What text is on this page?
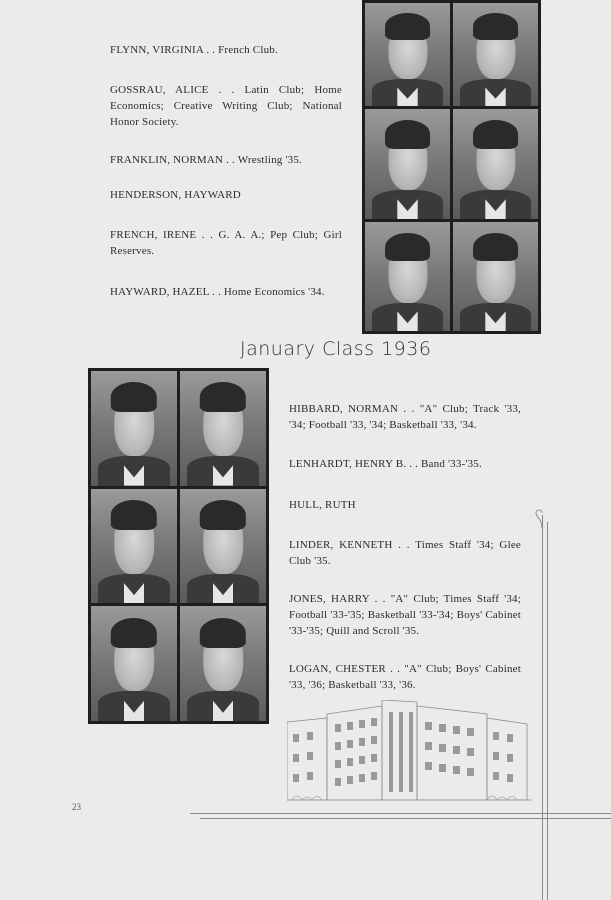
FLYNN, VIRGINIA . . French Club.
GOSSRAU, ALICE . . Latin Club; Home Economics; Creative Writing Club; National Honor Society.
FRANKLIN, NORMAN . . Wrestling '35.
HENDERSON, HAYWARD
FRENCH, IRENE . . G. A. A.; Pep Club; Girl Reserves.
HAYWARD, HAZEL . . Home Economics '34.
January Class 1936
HIBBARD, NORMAN . . "A" Club; Track '33, '34; Football '33, '34; Basketball '33, '34.
LENHARDT, HENRY B. . . Band '33-'35.
HULL, RUTH
LINDER, KENNETH . . Times Staff '34; Glee Club '35.
JONES, HARRY . . "A" Club; Times Staff '34; Football '33-'35; Basketball '33-'34; Boys' Cabinet '33-'35; Quill and Scroll '35.
LOGAN, CHESTER . . "A" Club; Boys' Cabinet '33, '36; Basketball '33, '36.
23
